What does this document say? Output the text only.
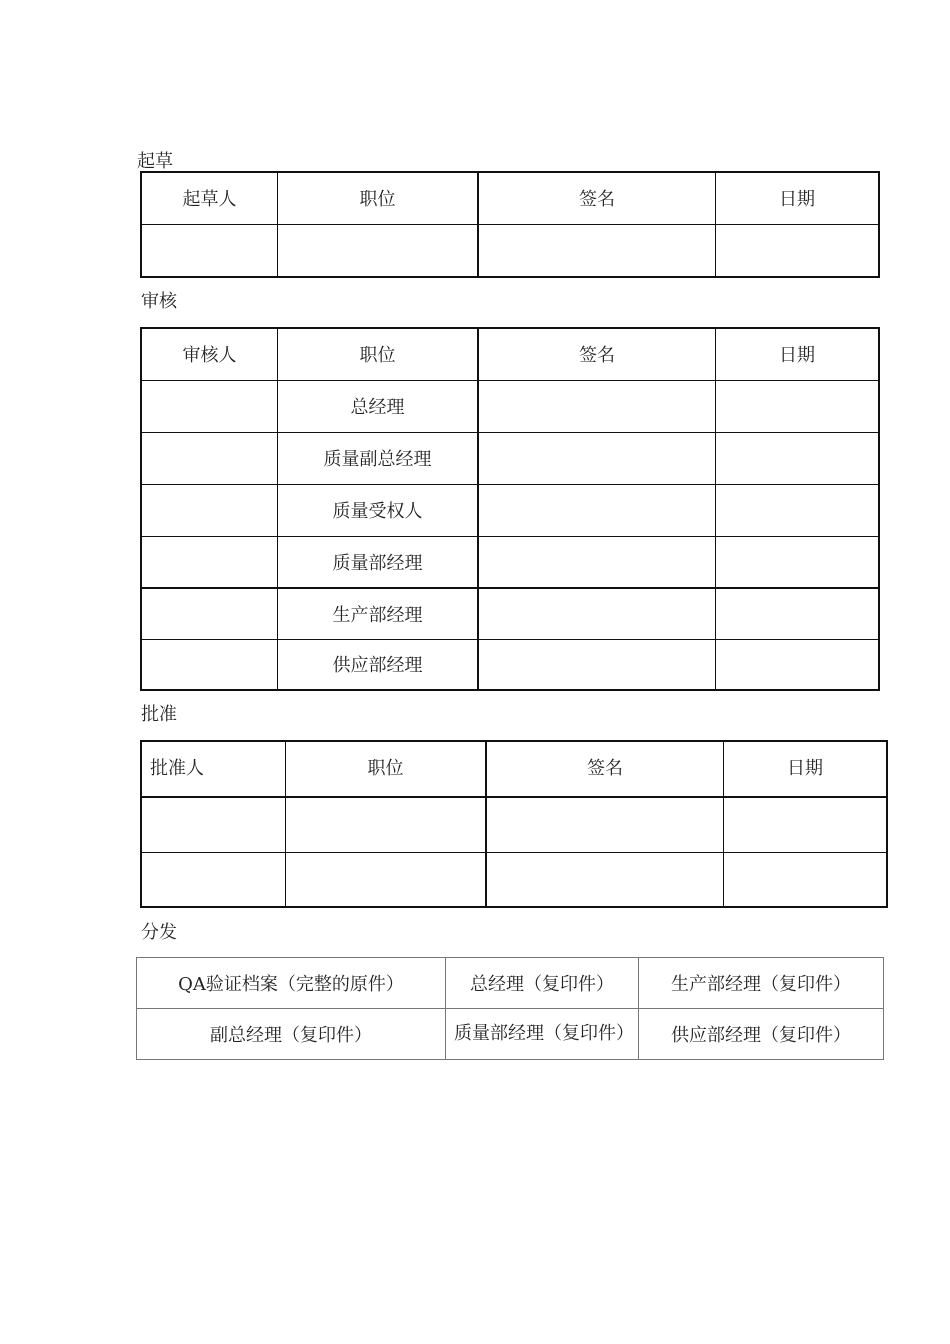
起草
起草人	职位	签名	日期

审核
审核人	职位	签名	日期
	总经理		
	质量副总经理		
	质量受权人		
	质量部经理		
	生产部经理		
	供应部经理		
批准
批准人	职位	签名	日期

分发
QA验证档案（完整的原件）	总经理（复印件）	生产部经理（复印件）
副总经理（复印件）	质量部经理（复印件）	供应部经理（复印件）
